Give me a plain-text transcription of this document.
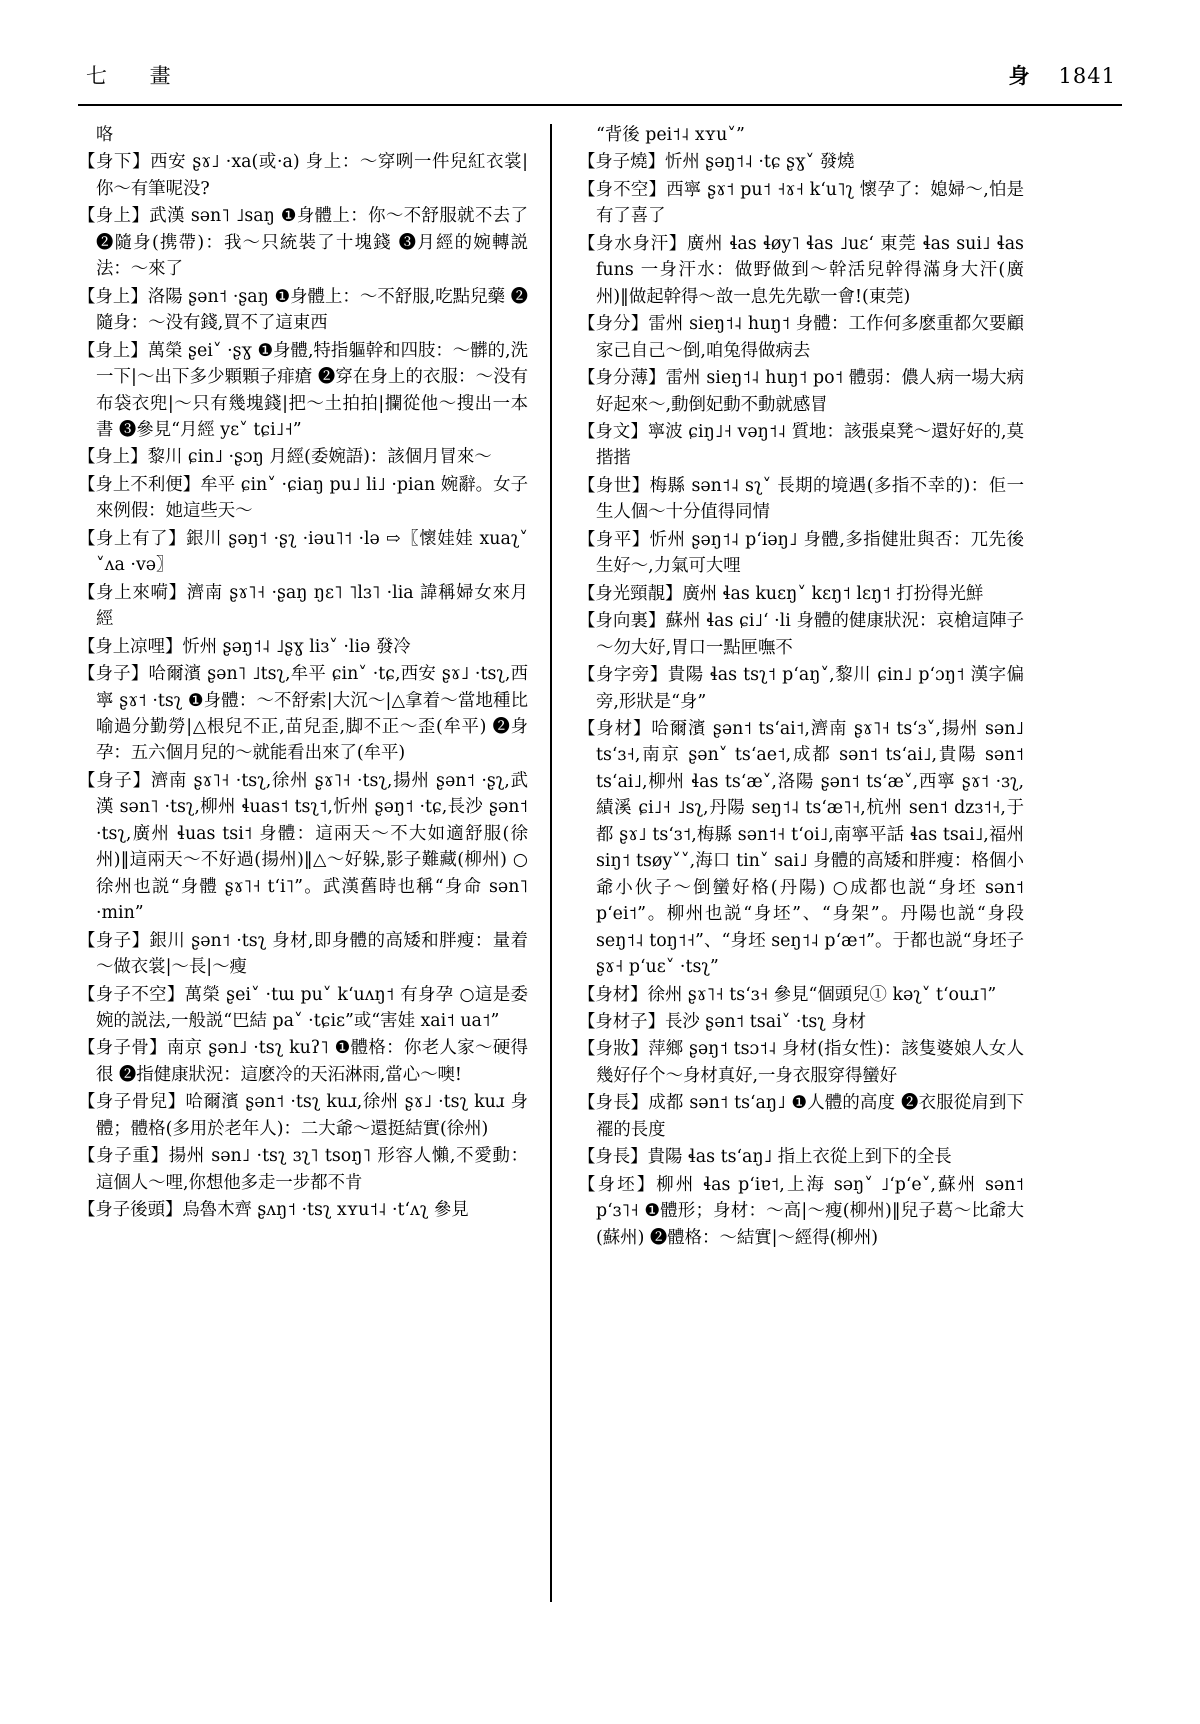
七 畫	身 1841
咯
【身下】西安 ʂɤ˩ ·xa(或·a) 身上：～穿咧一件兒紅衣裳|你～有筆呢没?
【身上】武漢 sən˥ ˩saŋ ❶身體上：你～不舒服就不去了 ❷隨身(携帶)：我～只統裝了十塊錢 ❸月經的婉轉説法：～來了
【身上】洛陽 ʂən˦ ·ʂaŋ ❶身體上：～不舒服,吃點兒藥 ❷隨身：～没有錢,買不了這東西
【身上】萬榮 ʂei˅ ·ʂɣ ❶身體,特指軀幹和四肢：～髒的,洗一下|～出下多少顆顆子痱瘡 ❷穿在身上的衣服：～没有布袋衣兜|～只有幾塊錢|把～土拍拍|攔從他～搜出一本書 ❸參見“月經 yɛ˅ tɕi˩˧”
【身上】黎川 ɕin˩ ·ʂɔŋ 月經(委婉語)：該個月冒來～
【身上不利便】牟平 ɕin˅ ·ɕiaŋ pu˩ li˩ ·pian 婉辭。女子來例假：她這些天～
【身上有了】銀川 ʂəŋ˦ ·ʂʅ ·iəu˥˦ ·lə ⇨〖懷娃娃 xuaʅ˅ ˅ʌa ·və〗
【身上來嗬】濟南 ʂɤ˥˧ ·ʂaŋ ŋɛ˥ ˥lɜ˥ ·lia 諱稱婦女來月經
【身上凉哩】忻州 ʂəŋ˦˨ ˩ʂɣ liɜ˅ ·liə 發冷
【身子】哈爾濱 ʂən˥ ˩tsʅ,牟平 ɕin˅ ·tɕ,西安 ʂɤ˩ ·tsʅ,西寧 ʂɤ˦ ·tsʅ ❶身體：～不舒索|大沉～|△拿着～當地種比喻過分勤勞|△根兒不正,苗兒歪,脚不正～歪(牟平) ❷身孕：五六個月兒的～就能看出來了(牟平)
【身子】濟南 ʂɤ˥˧ ·tsʅ,徐州 ʂɤ˥˧ ·tsʅ,揚州 ʂən˦ ·ʂʅ,武漢 sən˥ ·tsʅ,柳州 ɬuas˦ tsʅ˦,忻州 ʂəŋ˦ ·tɕ,長沙 ʂən˦ ·tsʅ,廣州 ɬuas tsi˦ 身體：這兩天～不大如適舒服(徐州)‖這兩天～不好過(揚州)‖△～好躲,影子難藏(柳州) ○徐州也説“身體 ʂɤ˥˧ tʻi˥”。武漢舊時也稱“身命 sən˥ ·min”
【身子】銀川 ʂən˦ ·tsʅ 身材,即身體的高矮和胖瘦：量着～做衣裳|～長|～瘦
【身子不空】萬榮 ʂei˅ ·tɯ pu˅ kʻuʌŋ˦ 有身孕 ○這是委婉的説法,一般説“巴結 pa˅ ·tɕiɛ”或“害娃 xai˦ ua˦”
【身子骨】南京 ʂən˩ ·tsʅ kuʔ˥ ❶體格：你老人家～硬得很 ❷指健康狀況：這麽冷的天沰淋雨,當心～噢!
【身子骨兒】哈爾濱 ʂən˦ ·tsʅ kuɹ,徐州 ʂɤ˩ ·tsʅ kuɹ 身體；體格(多用於老年人)：二大爺～還挺結實(徐州)
【身子重】揚州 sən˩ ·tsʅ ɜʅ˥ tsoŋ˥ 形容人懶,不愛動：這個人～哩,你想他多走一步都不肯
【身子後頭】烏魯木齊 ʂʌŋ˦ ·tsʅ xʏu˦˨ ·tʻʌʅ 參見
“背後 pei˦˨ xʏu˅”
【身子燒】忻州 ʂəŋ˦˨ ·tɕ ʂɣ˅ 發燒
【身不空】西寧 ʂɤ˦ pu˦ ˧ɤ˧ kʻu˥ʅ 懷孕了：媳婦～,怕是有了喜了
【身水身汗】廣州 ɬas ɬøy˥ ɬas ˩uɛʻ 東莞 ɬas sui˩ ɬas funs 一身汗水：做野做到～幹活兒幹得滿身大汗(廣州)‖做起幹得～敨一息先先歇一會!(東莞)
【身分】雷州 sieŋ˦˨ huŋ˦ 身體：工作何多麽重都欠要顧家己自己～倒,咱兔得做病去
【身分薄】雷州 sieŋ˦˨ huŋ˦ po˦ 體弱：儂人病一場大病好起來～,動倒妃動不動就感冒
【身文】寧波 ɕiŋ˩˧ vəŋ˦˨ 質地：該張桌凳～還好好的,莫揩揩
【身世】梅縣 sən˦˨ sʅ˅ 長期的境遇(多指不幸的)：佢一生人個～十分值得同情
【身平】忻州 ʂəŋ˦˨ pʻiəŋ˩ 身體,多指健壯與否：兀先後生好～,力氣可大哩
【身光頸靚】廣州 ɬas kuɛŋ˅ kɛŋ˦ lɛŋ˦ 打扮得光鮮
【身向裏】蘇州 ɬas ɕi˩ʻ ·li 身體的健康狀況：哀槍這陣子～勿大好,胃口一點匣嘸不
【身字旁】貴陽 ɬas tsʅ˦ pʻaŋ˅,黎川 ɕin˩ pʻɔŋ˦ 漢字偏旁,形狀是“身”
【身材】哈爾濱 ʂən˦ tsʻai˦,濟南 ʂɤ˥˧ tsʻɜ˅,揚州 sən˩ tsʻɜ˧,南京 ʂən˅ tsʻae˦,成都 sən˦ tsʻai˩,貴陽 sən˦ tsʻai˩,柳州 ɬas tsʻæ˅,洛陽 ʂən˦ tsʻæ˅,西寧 ʂɤ˦ ·ɜʅ,績溪 ɕi˩˧ ˩sʅ,丹陽 seŋ˦˨ tsʻæ˥˧,杭州 sen˦ dzɜ˦˧,于都 ʂɤ˩ tsʻɜ˦,梅縣 sən˦˧ tʻoi˩,南寧平話 ɬas tsai˩,福州 siŋ˦ tsøy˅˅,海口 tin˅ sai˩ 身體的高矮和胖瘦：格個小爺小伙子～倒蠻好格(丹陽) ○成都也説“身坯 sən˦ pʻei˦”。柳州也説“身坯”、“身架”。丹陽也説“身段 seŋ˦˨ toŋ˦˧”、“身坯 seŋ˦˨ pʻæ˦”。于都也説“身坯子 ʂɤ˧ pʻuɛ˅ ·tsʅ”
【身材】徐州 ʂɤ˥˧ tsʻɜ˧ 參見“個頭兒① kəʅ˅ tʻouɹ˥”
【身材子】長沙 ʂən˦ tsai˅ ·tsʅ 身材
【身妝】萍鄉 ʂəŋ˦ tsɔ˦˨ 身材(指女性)：該隻婆娘人女人幾好仔个～身材真好,一身衣服穿得蠻好
【身長】成都 sən˦ tsʻaŋ˩ ❶人體的高度 ❷衣服從肩到下襬的長度
【身長】貴陽 ɬas tsʻaŋ˩ 指上衣從上到下的全長
【身坯】柳州 ɬas pʻiɐ˦,上海 səŋ˅ ˩ʻpʻe˅,蘇州 sən˦ pʻɜ˥˧ ❶體形；身材：～高|～瘦(柳州)‖兒子葛～比爺大(蘇州) ❷體格：～結實|～經得(柳州)
